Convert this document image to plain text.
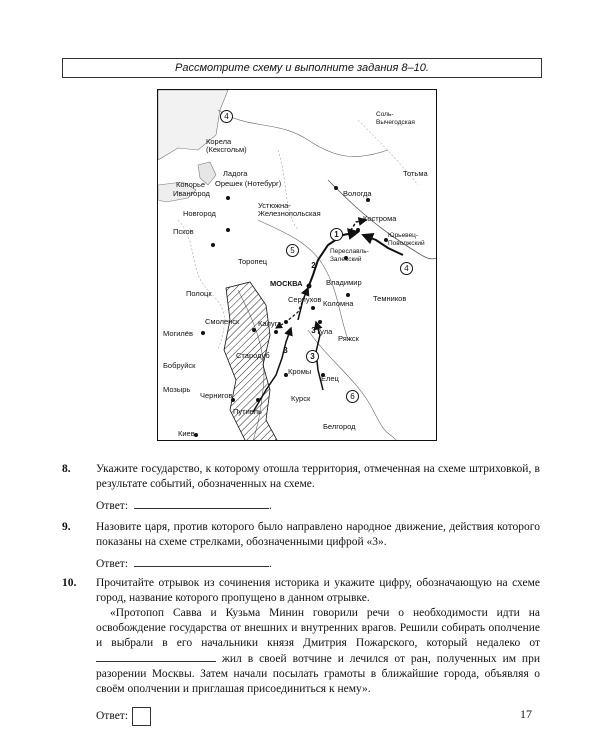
Рассмотрите схему и выполните задания 8–10.
Соль-
Вычегодская
Корела
(Кексгольм)
Ладога
Орешек (Нотебург)
Копорье
Ивангород
Тотьма
Вологда
Устюжна-
Железнопольская
Новгород
Псков
Кострома
Юрьевец-
Поволжский
Торопец
Переславль-
Залесский
МОСКВА	Владимир
Полоцк
Темников
Серпухов Коломна
Смоленск Калуга
Тула
Могилёв
Ряжск
Стародуб
Бобруйск
Кромы
Елец
Мозырь
Чернигов	Курск
Путивль
Белгород
Киев
4
1
4
5
2
3
3
3
6
8. Укажите государство, к которому отошла территория, отмеченная на схеме штриховкой, в результате событий, обозначенных на схеме.
Ответ:	.
9. Назовите царя, против которого было направлено народное движение, действия которого показаны на схеме стрелками, обозначенными цифрой «3».
Ответ:	.
10. Прочитайте отрывок из сочинения историка и укажите цифру, обозначающую на схеме город, название которого пропущено в данном отрывке.
«Протопоп Савва и Кузьма Минин говорили речи о необходимости идти на освобождение государства от внешних и внутренних врагов. Решили собирать ополчение и выбрали в его начальники князя Дмитрия Пожарского, который недалеко от  жил в своей вотчине и лечился от ран, полученных им при разорении Москвы. Затем начали посылать грамоты в ближайшие города, объявляя о своём ополчении и приглашая присоединиться к нему».
Ответ:	17
